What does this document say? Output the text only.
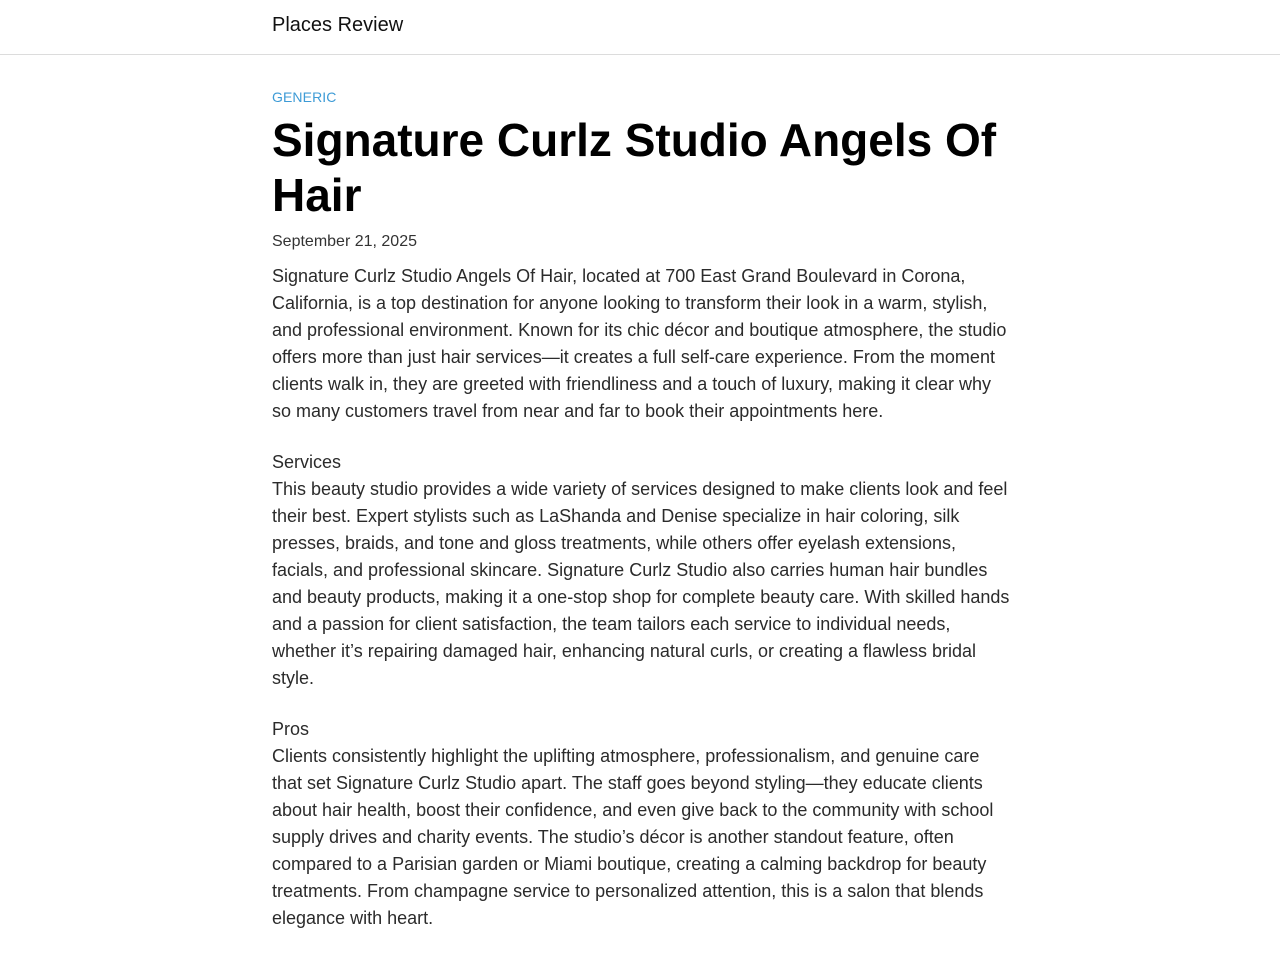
Places Review
GENERIC
Signature Curlz Studio Angels Of Hair
September 21, 2025

Signature Curlz Studio Angels Of Hair, located at 700 East Grand Boulevard in Corona, California, is a top destination for anyone looking to transform their look in a warm, stylish, and professional environment. Known for its chic décor and boutique atmosphere, the studio offers more than just hair services—it creates a full self-care experience. From the moment clients walk in, they are greeted with friendliness and a touch of luxury, making it clear why so many customers travel from near and far to book their appointments here.

Services

This beauty studio provides a wide variety of services designed to make clients look and feel their best. Expert stylists such as LaShanda and Denise specialize in hair coloring, silk presses, braids, and tone and gloss treatments, while others offer eyelash extensions, facials, and professional skincare. Signature Curlz Studio also carries human hair bundles and beauty products, making it a one-stop shop for complete beauty care. With skilled hands and a passion for client satisfaction, the team tailors each service to individual needs, whether it’s repairing damaged hair, enhancing natural curls, or creating a flawless bridal style.

Pros

Clients consistently highlight the uplifting atmosphere, professionalism, and genuine care that set Signature Curlz Studio apart. The staff goes beyond styling—they educate clients about hair health, boost their confidence, and even give back to the community with school supply drives and charity events. The studio’s décor is another standout feature, often compared to a Parisian garden or Miami boutique, creating a calming backdrop for beauty treatments. From champagne service to personalized attention, this is a salon that blends elegance with heart.
